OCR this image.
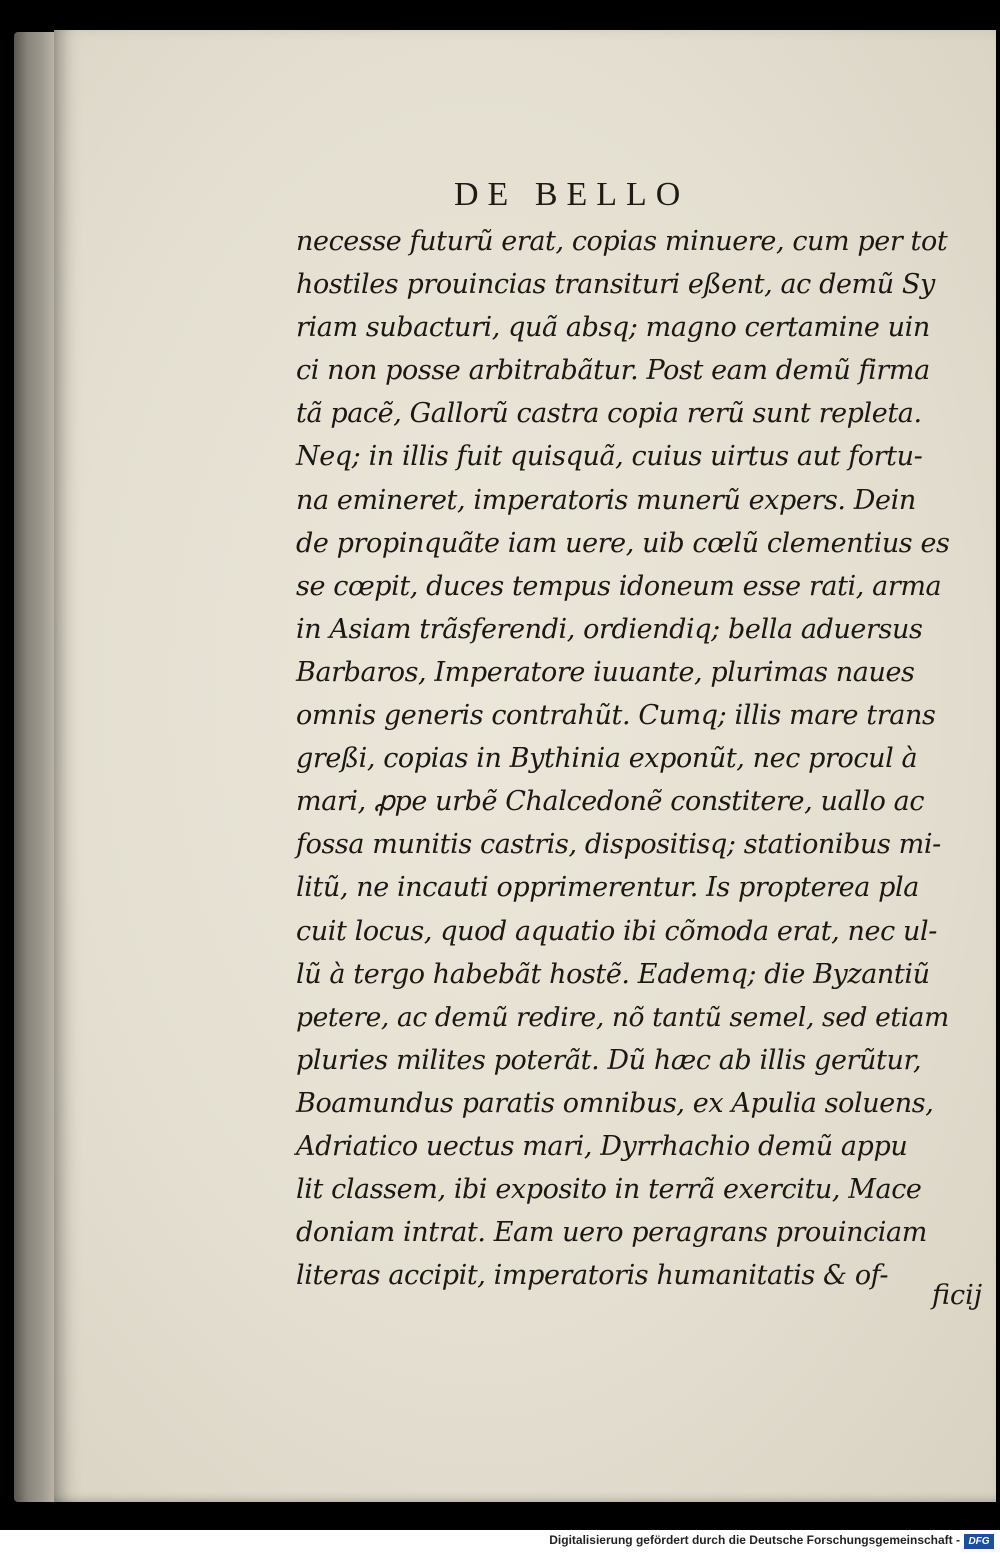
DE BELLO
necesse futurũ erat, copias minuere, cum per tot
hostiles prouincias transituri eßent, ac demũ Sy
riam subacturi, quã absq; magno certamine uin
ci non posse arbitrabãtur. Post eam demũ firma
tã pacẽ, Gallorũ castra copia rerũ sunt repleta.
Neq; in illis fuit quisquã, cuius uirtus aut fortu-
na emineret, imperatoris munerũ expers. Dein
de propinquãte iam uere, uib cœlũ clementius es
se cœpit, duces tempus idoneum esse rati, arma
in Asiam trãsferendi, ordiendiq; bella aduersus
Barbaros, Imperatore iuuante, plurimas naues
omnis generis contrahũt. Cumq; illis mare trans
greßi, copias in Bythinia exponũt, nec procul à
mari, ꝓpe urbẽ Chalcedonẽ constitere, uallo ac
fossa munitis castris, dispositisq; stationibus mi-
litũ, ne incauti opprimerentur. Is propterea pla
cuit locus, quod aquatio ibi cõmoda erat, nec ul-
lũ à tergo habebãt hostẽ. Eademq; die Byzantiũ
petere, ac demũ redire, nõ tantũ semel, sed etiam
pluries milites poterãt. Dũ hæc ab illis gerũtur,
Boamundus paratis omnibus, ex Apulia soluens,
Adriatico uectus mari, Dyrrhachio demũ appu
lit classem, ibi exposito in terrã exercitu, Mace
doniam intrat. Eam uero peragrans prouinciam
literas accipit, imperatoris humanitatis & of-
ficij
Digitalisierung gefördert durch die Deutsche Forschungsgemeinschaft - DFG
